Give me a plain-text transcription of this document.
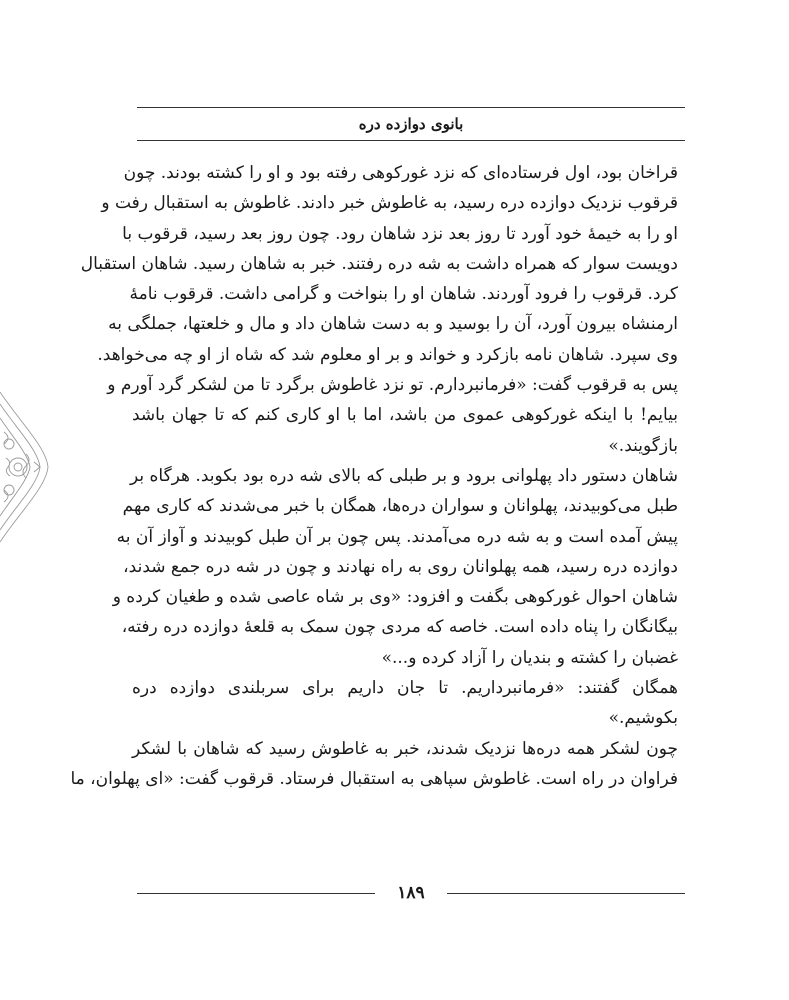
بانوی دوازده دره
قراخان بود، اول فرستاده‌ای که نزد غورکوهی رفته بود و او را کشته بودند. چون
قرقوب نزدیک دوازده دره رسید، به غاطوش خبر دادند. غاطوش به استقبال رفت و
او را به خیمهٔ خود آورد تا روز بعد نزد شاهان رود. چون روز بعد رسید، قرقوب با
دویست سوار که همراه داشت به شه دره رفتند. خبر به شاهان رسید. شاهان استقبال
کرد. قرقوب را فرود آوردند. شاهان او را بنواخت و گرامی داشت. قرقوب نامهٔ
ارمنشاه بیرون آورد، آن را بوسید و به دست شاهان داد و مال و خلعتها، جملگی به
وی سپرد. شاهان نامه بازکرد و خواند و بر او معلوم شد که شاه از او چه می‌خواهد.
پس به قرقوب گفت: «فرمانبردارم. تو نزد غاطوش برگرد تا من لشکر گرد آورم و
بیایم! با اینکه غورکوهی عموی من باشد، اما با او کاری کنم که تا جهان باشد
بازگویند.»
شاهان دستور داد پهلوانی برود و بر طبلی که بالای شه دره بود بکوبد. هرگاه بر
طبل می‌کوبیدند، پهلوانان و سواران دره‌ها، همگان با خبر می‌شدند که کاری مهم
پیش آمده است و به شه دره می‌آمدند. پس چون بر آن طبل کوبیدند و آواز آن به
دوازده دره رسید، همه پهلوانان روی به راه نهادند و چون در شه دره جمع شدند،
شاهان احوال غورکوهی بگفت و افزود: «وی بر شاه عاصی شده و طغیان کرده و
بیگانگان را پناه داده است. خاصه که مردی چون سمک به قلعهٔ دوازده دره رفته،
غضبان را کشته و بندیان را آزاد کرده و...»
همگان گفتند: «فرمانبرداریم. تا جان داریم برای سربلندی دوازده دره
بکوشیم.»
چون لشکر همه دره‌ها نزدیک شدند، خبر به غاطوش رسید که شاهان با لشکر
فراوان در راه است. غاطوش سپاهی به استقبال فرستاد. قرقوب گفت: «ای پهلوان، ما
۱۸۹
